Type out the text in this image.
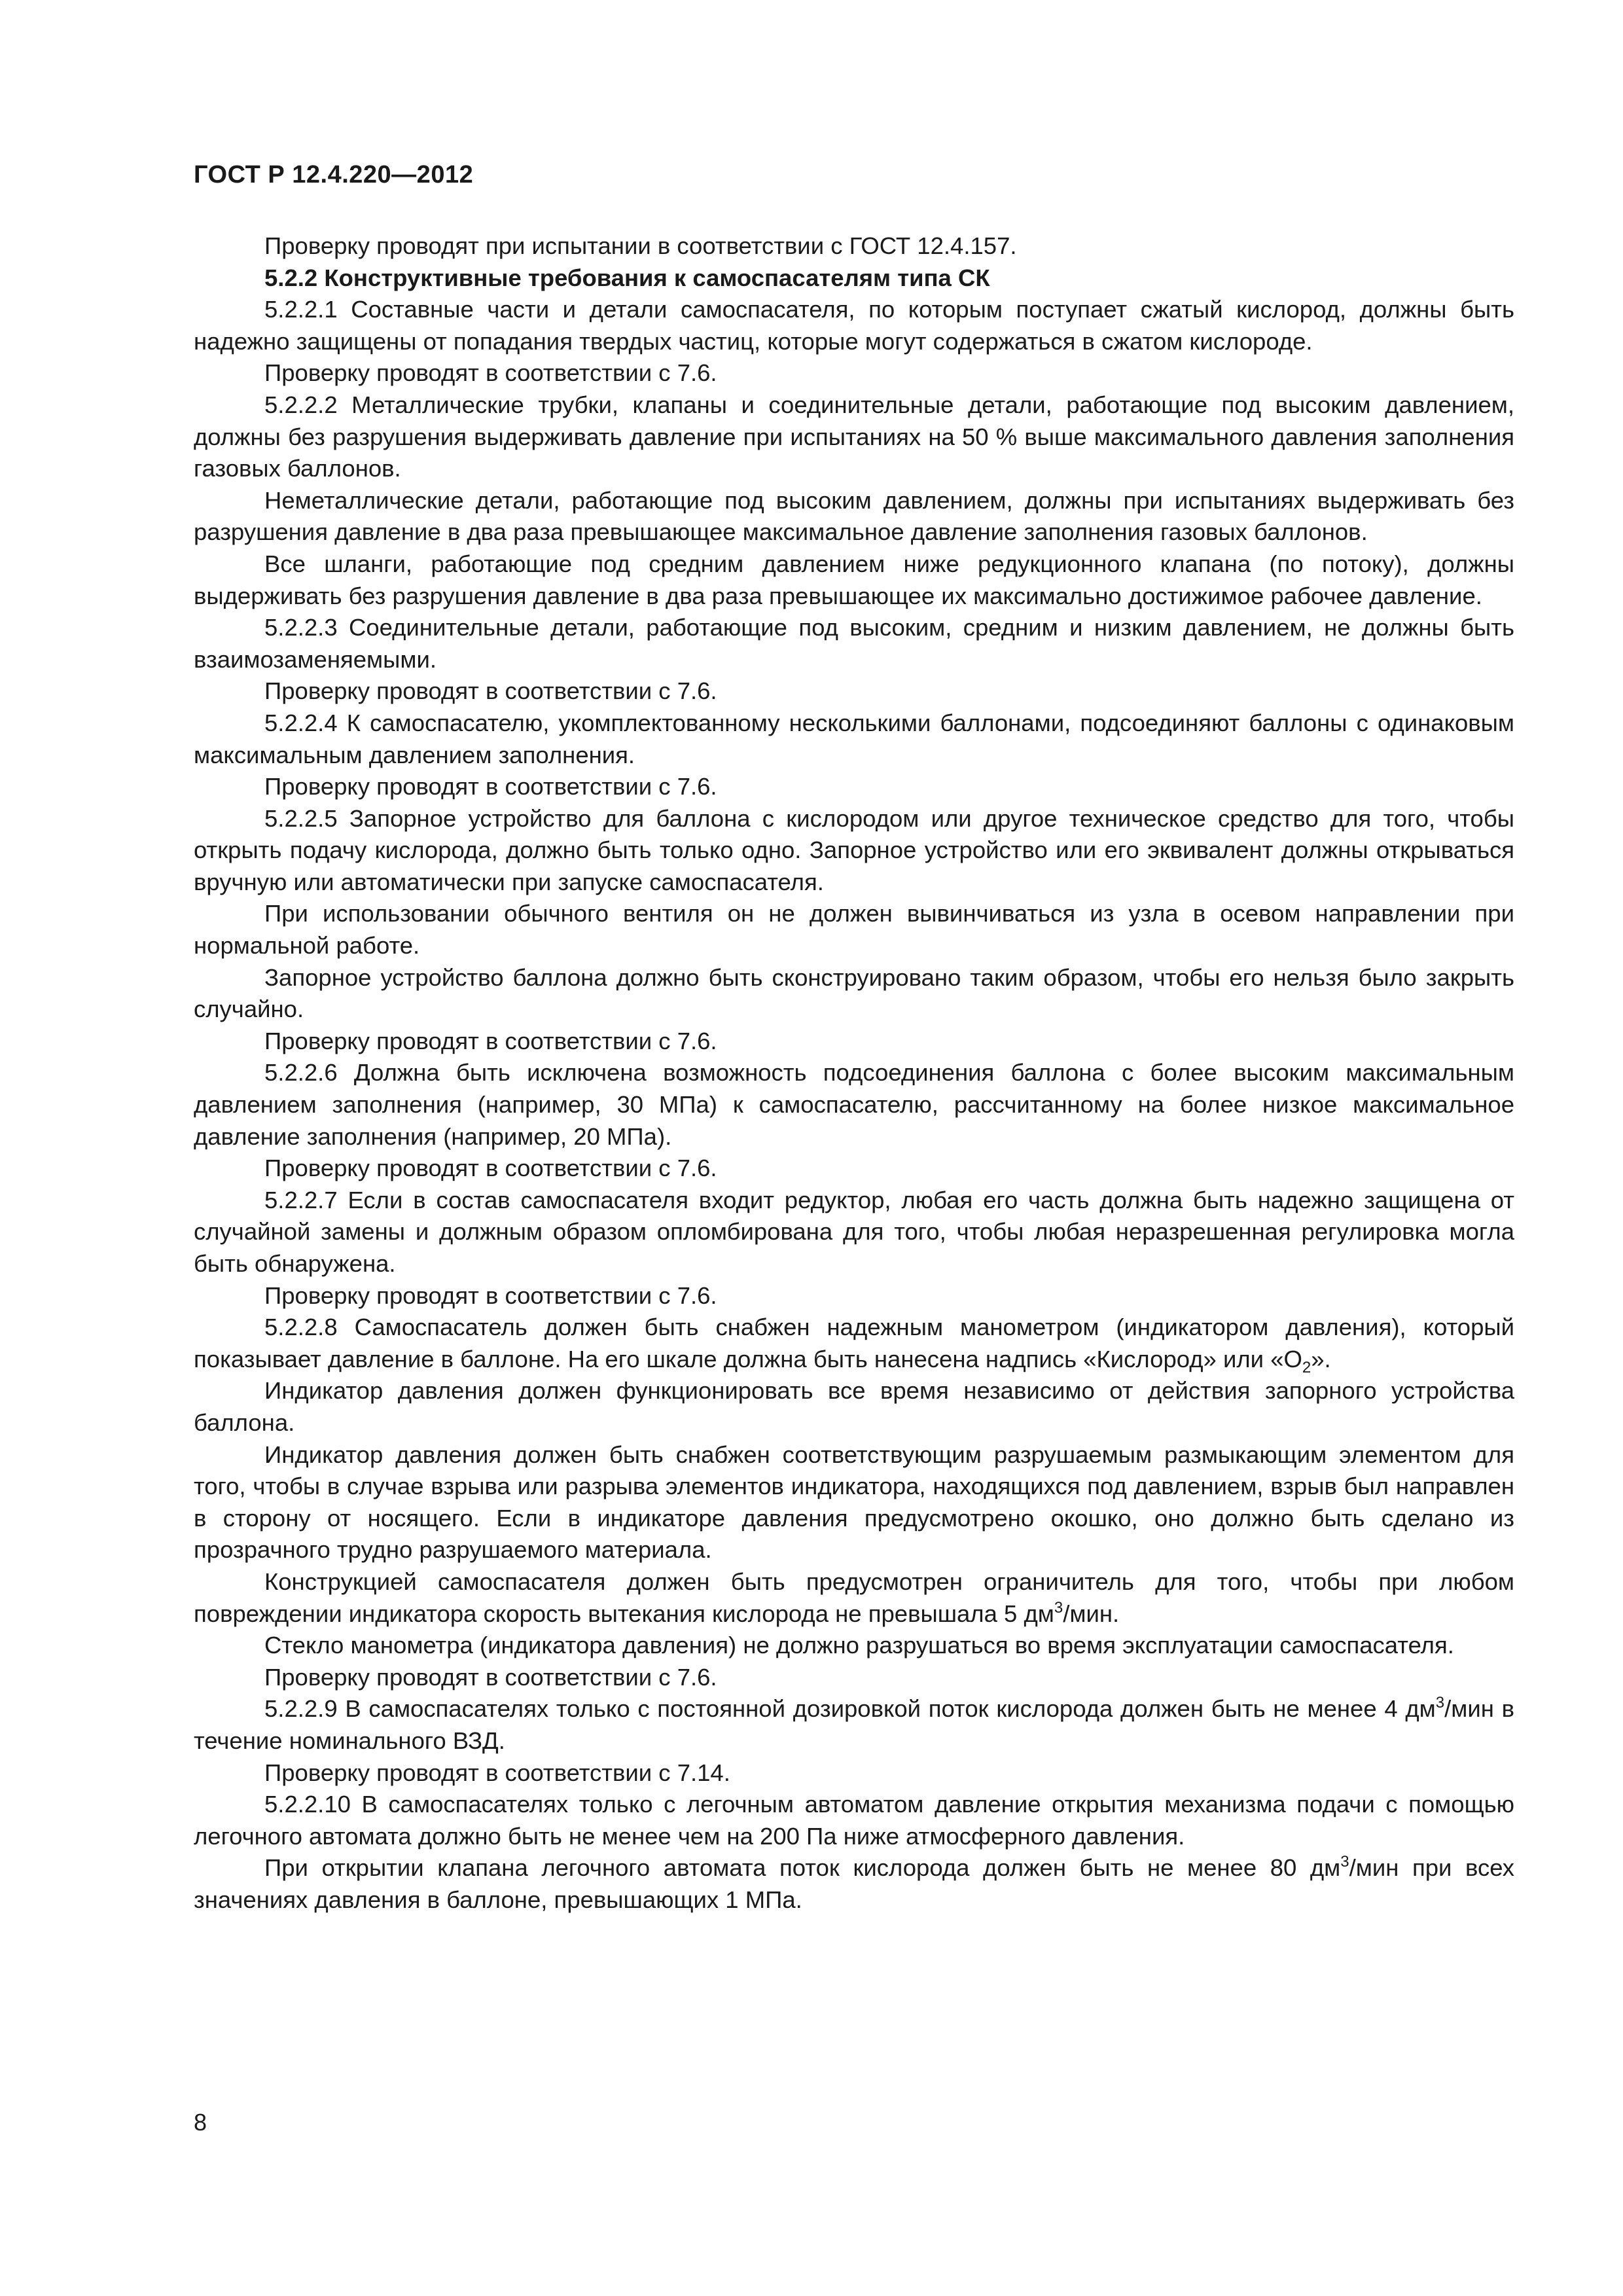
ГОСТ Р 12.4.220—2012

Проверку проводят при испытании в соответствии с ГОСТ 12.4.157.

5.2.2 Конструктивные требования к самоспасателям типа СК

5.2.2.1 Составные части и детали самоспасателя, по которым поступает сжатый кислород, должны быть надежно защищены от попадания твердых частиц, которые могут содержаться в сжатом кислороде.

Проверку проводят в соответствии с 7.6.

5.2.2.2 Металлические трубки, клапаны и соединительные детали, работающие под высоким давлением, должны без разрушения выдерживать давление при испытаниях на 50 % выше максимального давления заполнения газовых баллонов.

Неметаллические детали, работающие под высоким давлением, должны при испытаниях выдерживать без разрушения давление в два раза превышающее максимальное давление заполнения газовых баллонов.

Все шланги, работающие под средним давлением ниже редукционного клапана (по потоку), должны выдерживать без разрушения давление в два раза превышающее их максимально достижимое рабочее давление.

5.2.2.3 Соединительные детали, работающие под высоким, средним и низким давлением, не должны быть взаимозаменяемыми.

Проверку проводят в соответствии с 7.6.

5.2.2.4 К самоспасателю, укомплектованному несколькими баллонами, подсоединяют баллоны с одинаковым максимальным давлением заполнения.

Проверку проводят в соответствии с 7.6.

5.2.2.5 Запорное устройство для баллона с кислородом или другое техническое средство для того, чтобы открыть подачу кислорода, должно быть только одно. Запорное устройство или его эквивалент должны открываться вручную или автоматически при запуске самоспасателя.

При использовании обычного вентиля он не должен вывинчиваться из узла в осевом направлении при нормальной работе.

Запорное устройство баллона должно быть сконструировано таким образом, чтобы его нельзя было закрыть случайно.

Проверку проводят в соответствии с 7.6.

5.2.2.6 Должна быть исключена возможность подсоединения баллона с более высоким максимальным давлением заполнения (например, 30 МПа) к самоспасателю, рассчитанному на более низкое максимальное давление заполнения (например, 20 МПа).

Проверку проводят в соответствии с 7.6.

5.2.2.7 Если в состав самоспасателя входит редуктор, любая его часть должна быть надежно защищена от случайной замены и должным образом опломбирована для того, чтобы любая неразрешенная регулировка могла быть обнаружена.

Проверку проводят в соответствии с 7.6.

5.2.2.8 Самоспасатель должен быть снабжен надежным манометром (индикатором давления), который показывает давление в баллоне. На его шкале должна быть нанесена надпись «Кислород» или «$O_2$».

Индикатор давления должен функционировать все время независимо от действия запорного устройства баллона.

Индикатор давления должен быть снабжен соответствующим разрушаемым размыкающим элементом для того, чтобы в случае взрыва или разрыва элементов индикатора, находящихся под давлением, взрыв был направлен в сторону от носящего. Если в индикаторе давления предусмотрено окошко, оно должно быть сделано из прозрачного трудно разрушаемого материала.

Конструкцией самоспасателя должен быть предусмотрен ограничитель для того, чтобы при любом повреждении индикатора скорость вытекания кислорода не превышала 5 $дм^3$/мин.

Стекло манометра (индикатора давления) не должно разрушаться во время эксплуатации самоспасателя.

Проверку проводят в соответствии с 7.6.

5.2.2.9 В самоспасателях только с постоянной дозировкой поток кислорода должен быть не менее 4 $дм^3$/мин в течение номинального ВЗД.

Проверку проводят в соответствии с 7.14.

5.2.2.10 В самоспасателях только с легочным автоматом давление открытия механизма подачи с помощью легочного автомата должно быть не менее чем на 200 Па ниже атмосферного давления.

При открытии клапана легочного автомата поток кислорода должен быть не менее 80 $дм^3$/мин при всех значениях давления в баллоне, превышающих 1 МПа.

8
